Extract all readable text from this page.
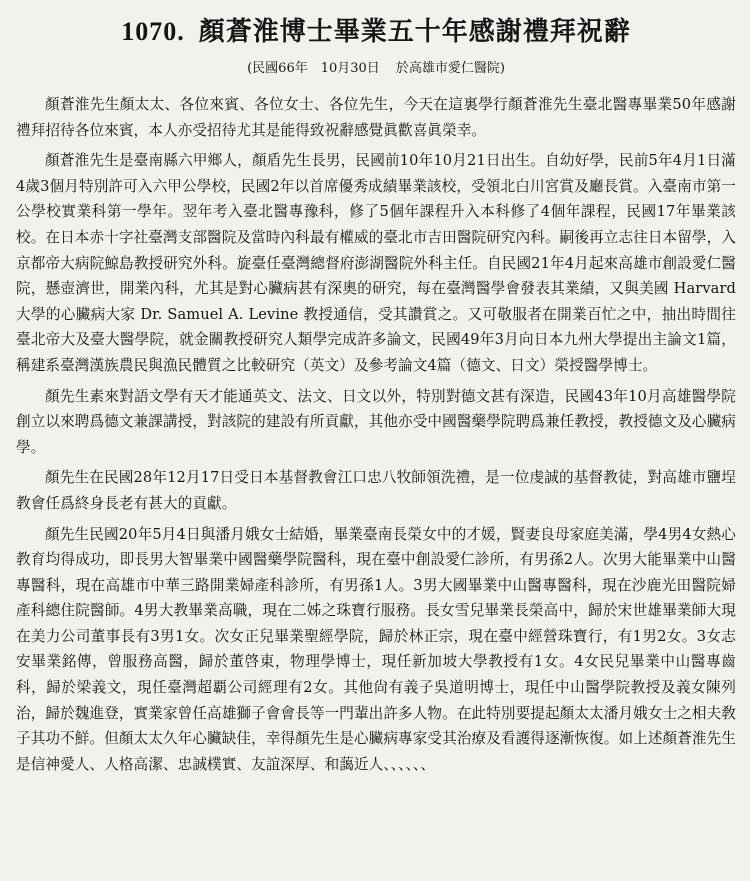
1070. 顏蒼淮博士畢業五十年感謝禮拜祝辭
(民國66年　10月30日 於高雄市愛仁醫院)

顏蒼淮先生顏太太、各位來賓、各位女士、各位先生，今天在這裏學行顏蒼淮先生臺北醫專畢業50年感謝禮拜招待各位來賓，本人亦受招待尤其是能得致祝辭感覺眞歡喜眞榮幸。

顏蒼淮先生是臺南縣六甲鄉人，顏盾先生長男，民國前10年10月21日出生。自幼好學，民前5年4月1日滿4歲3個月特別許可入六甲公學校，民國2年以首席優秀成績畢業該校，受領北白川宮賞及廳長賞。入臺南市第一公學校實業科第一學年。翌年考入臺北醫專豫科，修了5個年課程升入本科修了4個年課程，民國17年畢業該校。在日本赤十字社臺灣支部醫院及當時內科最有權威的臺北市吉田醫院研究內科。嗣後再立志往日本留學，入京都帝大病院鯨島教授研究外科。旋臺任臺灣總督府澎湖醫院外科主任。自民國21年4月起來高雄市創設愛仁醫院，懸壺濟世，開業內科，尤其是對心臟病甚有深奧的研究，每在臺灣醫學會發表其業績，又與美國 Harvard 大學的心臟病大家 Dr. Samuel A. Levine 教授通信，受其讚賞之。又可敬服者在開業百忙之中，抽出時間往臺北帝大及臺大醫學院，就金關教授研究人類學完成許多論文，民國49年3月向日本九州大學提出主論文1篇，稱建系臺灣漢族農民與漁民體質之比較研究（英文）及參考論文4篇（德文、日文）榮授醫學博士。

顏先生素來對語文學有天才能通英文、法文、日文以外，特別對德文甚有深造，民國43年10月高雄醫學院創立以來聘爲德文兼課講授，對該院的建設有所貢獻，其他亦受中國醫藥學院聘爲兼任教授，教授德文及心臟病學。

顏先生在民國28年12月17日受日本基督教會江口忠八牧師領洗禮，是一位虔誠的基督教徒，對高雄市鹽埕教會任爲終身長老有甚大的貢獻。

顏先生民國20年5月4日與潘月娥女士結婚，畢業臺南長榮女中的才媛，賢妻良母家庭美滿，學4男4女熱心教育均得成功，即長男大智畢業中國醫藥學院醫科，現在臺中創設愛仁診所，有男孫2人。次男大能畢業中山醫專醫科，現在高雄市中華三路開業婦產科診所，有男孫1人。3男大國畢業中山醫專醫科，現在沙鹿光田醫院婦產科總住院醫師。4男大教畢業高職，現在二姊之珠寶行服務。長女雪兒畢業長榮高中，歸於宋世雄畢業師大現在美力公司董事長有3男1女。次女正兒畢業聖經學院，歸於林正宗，現在臺中經營珠寶行，有1男2女。3女志安畢業銘傳，曾服務高醫，歸於董啓東，物理學博士，現任新加坡大學教授有1女。4女民兒畢業中山醫專齒科，歸於梁義文，現任臺灣超覇公司經理有2女。其他尙有義子吳道明博士，現任中山醫學院教授及義女陳列治，歸於魏進登，實業家曾任高雄獅子會會長等一門輩出許多人物。在此特別要提起顏太太潘月娥女士之相夫敎子其功不鮮。但顏太太久年心臟缺佳，幸得顏先生是心臟病專家受其治療及看護得逐漸恢復。如上述顏蒼淮先生是信神愛人、人格高潔、忠誠樸實、友誼深厚、和藹近人、、、、、、
